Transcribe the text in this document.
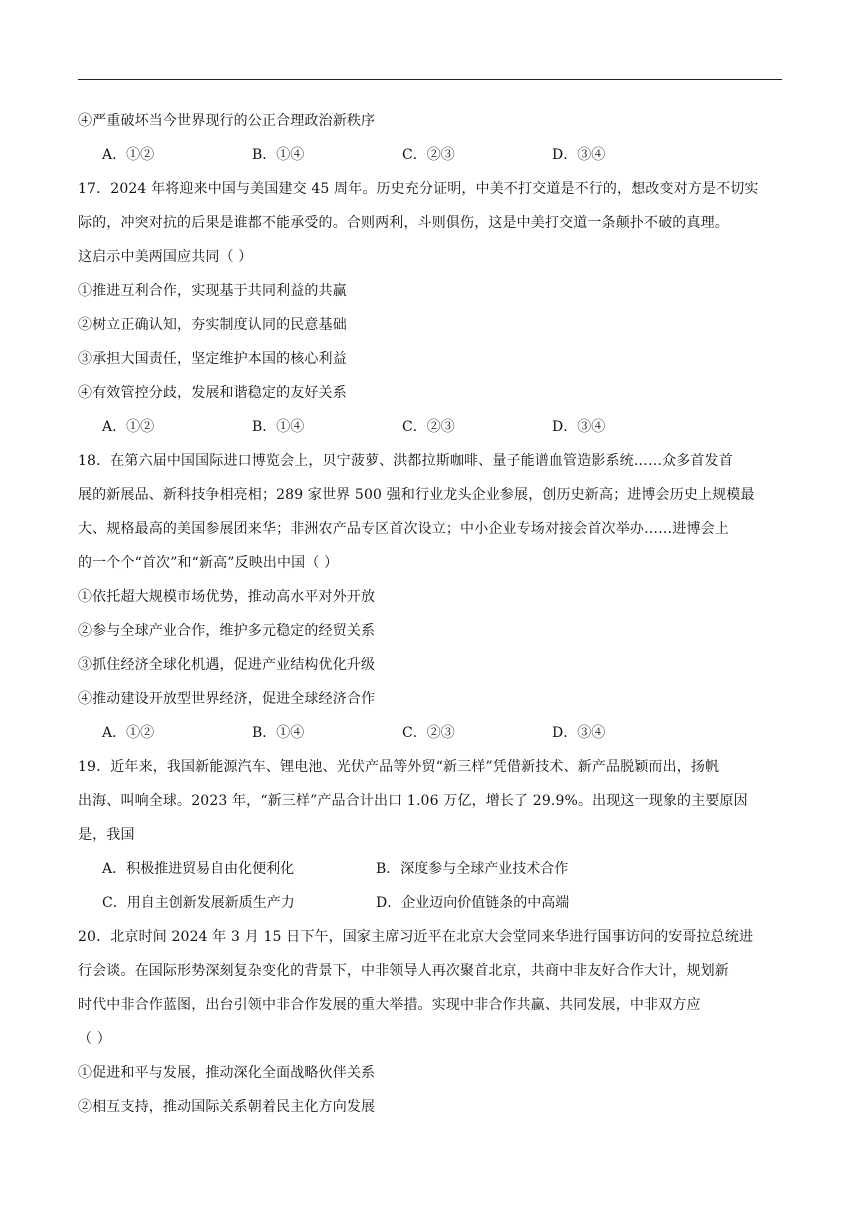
④严重破坏当今世界现行的公正合理政治新秩序
A．①②	B．①④	C．②③	D．③④
17．2024 年将迎来中国与美国建交 45 周年。历史充分证明，中美不打交道是不行的，想改变对方是不切实
际的，冲突对抗的后果是谁都不能承受的。合则两利，斗则俱伤，这是中美打交道一条颠扑不破的真理。
这启示中美两国应共同（ ）
①推进互利合作，实现基于共同利益的共赢
②树立正确认知，夯实制度认同的民意基础
③承担大国责任，坚定维护本国的核心利益
④有效管控分歧，发展和谐稳定的友好关系
A．①②	B．①④	C．②③	D．③④
18．在第六届中国国际进口博览会上，贝宁菠萝、洪都拉斯咖啡、量子能谱血管造影系统……众多首发首
展的新展品、新科技争相亮相；289 家世界 500 强和行业龙头企业参展，创历史新高；进博会历史上规模最
大、规格最高的美国参展团来华；非洲农产品专区首次设立；中小企业专场对接会首次举办……进博会上
的一个个“首次”和“新高”反映出中国（ ）
①依托超大规模市场优势，推动高水平对外开放
②参与全球产业合作，维护多元稳定的经贸关系
③抓住经济全球化机遇，促进产业结构优化升级
④推动建设开放型世界经济，促进全球经济合作
A．①②	B．①④	C．②③	D．③④
19．近年来，我国新能源汽车、锂电池、光伏产品等外贸“新三样”凭借新技术、新产品脱颖而出，扬帆
出海、叫响全球。2023 年，“新三样”产品合计出口 1.06 万亿，增长了 29.9%。出现这一现象的主要原因
是，我国
A．积极推进贸易自由化便利化	B．深度参与全球产业技术合作
C．用自主创新发展新质生产力	D．企业迈向价值链条的中高端
20．北京时间 2024 年 3 月 15 日下午，国家主席习近平在北京大会堂同来华进行国事访问的安哥拉总统进
行会谈。在国际形势深刻复杂变化的背景下，中非领导人再次聚首北京，共商中非友好合作大计，规划新
时代中非合作蓝图，出台引领中非合作发展的重大举措。实现中非合作共赢、共同发展，中非双方应
（ ）
①促进和平与发展，推动深化全面战略伙伴关系
②相互支持，推动国际关系朝着民主化方向发展
